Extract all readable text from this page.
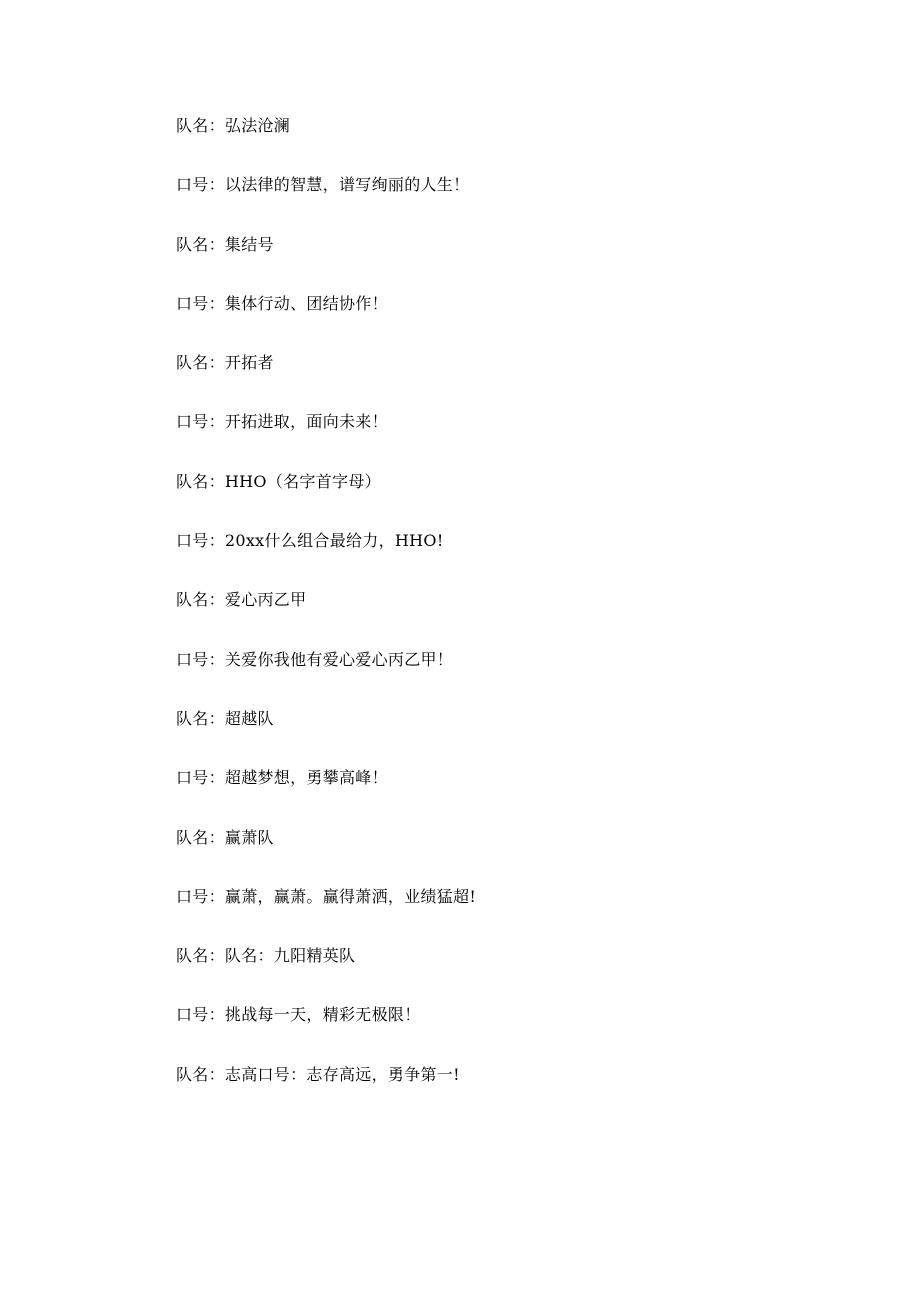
队名：弘法沧澜
口号：以法律的智慧，谱写绚丽的人生！
队名：集结号
口号：集体行动、团结协作！
队名：开拓者
口号：开拓进取，面向未来！
队名：HHO（名字首字母）
口号：20xx什么组合最给力，HHO!
队名：爱心丙乙甲
口号：关爱你我他有爱心爱心丙乙甲！
队名：超越队
口号：超越梦想，勇攀高峰！
队名：赢萧队
口号：赢萧，赢萧。赢得萧洒，业绩猛超!
队名：队名：九阳精英队
口号：挑战每一天，精彩无极限！
队名：志高口号：志存高远，勇争第一!
